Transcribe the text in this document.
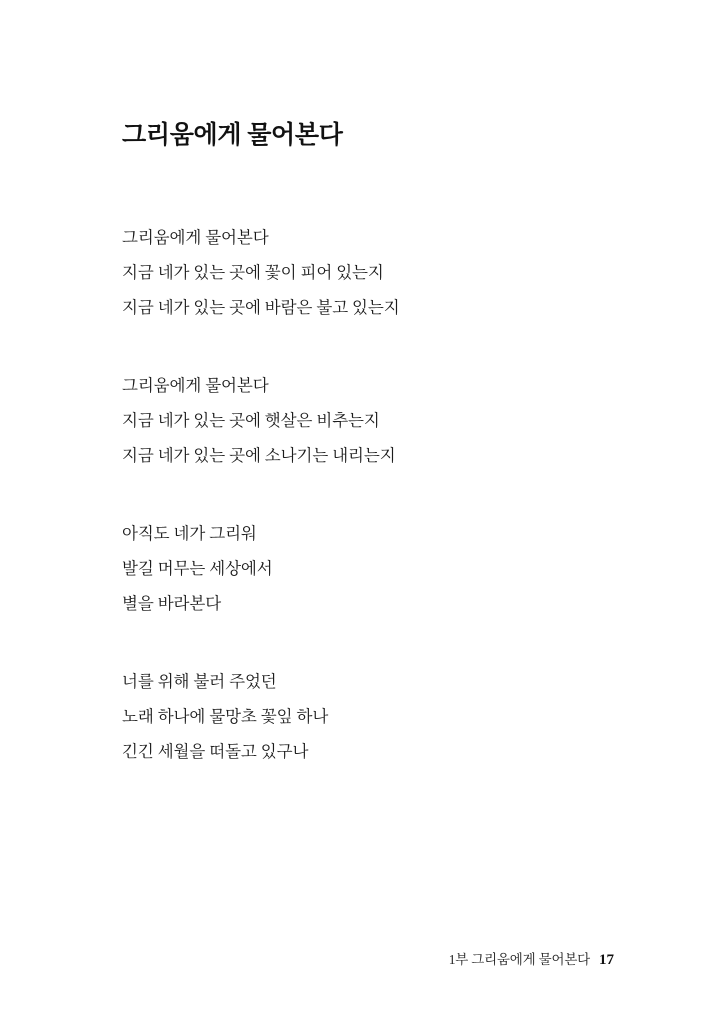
그리움에게 물어본다
그리움에게 물어본다
지금 네가 있는 곳에 꽃이 피어 있는지
지금 네가 있는 곳에 바람은 불고 있는지
그리움에게 물어본다
지금 네가 있는 곳에 햇살은 비추는지
지금 네가 있는 곳에 소나기는 내리는지
아직도 네가 그리워
발길 머무는 세상에서
별을 바라본다
너를 위해 불러 주었던
노래 하나에 물망초 꽃잎 하나
긴긴 세월을 떠돌고 있구나
1부 그리움에게 물어본다 17
